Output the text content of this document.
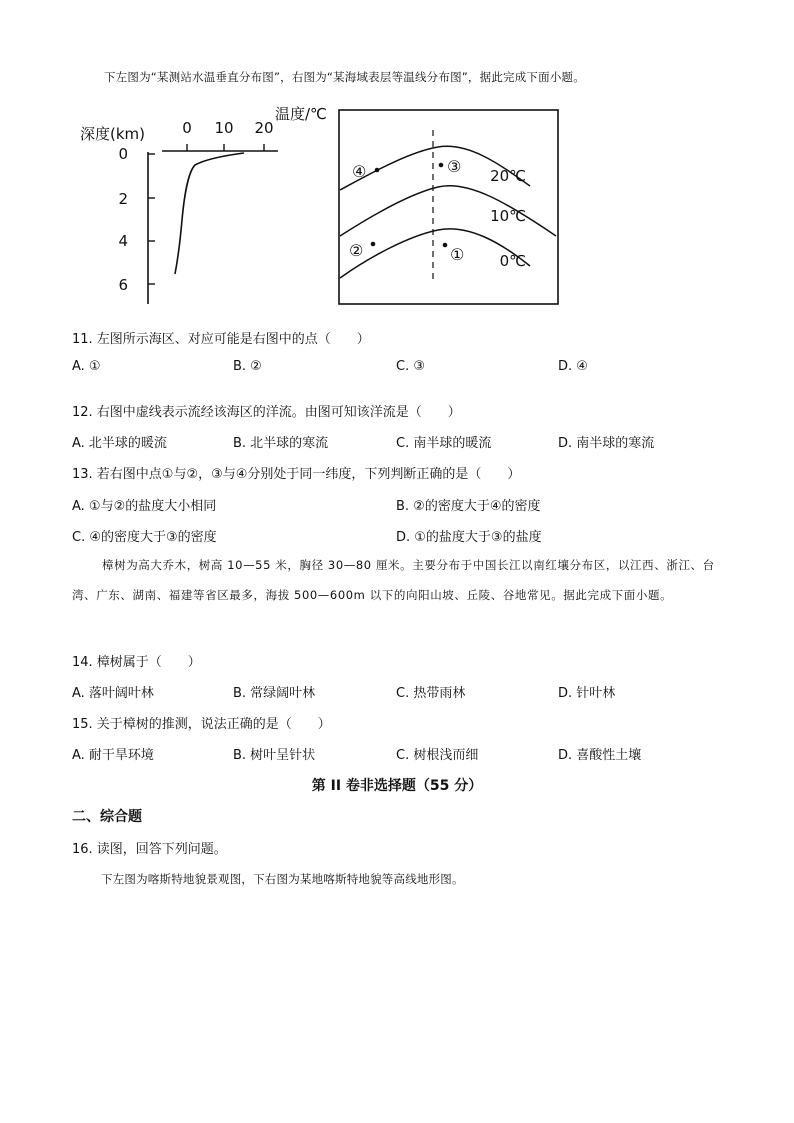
下左图为“某测站水温垂直分布图”，右图为“某海域表层等温线分布图”，据此完成下面小题。
深度(km)
温度/℃
0 10 20
0
2
4
6
20℃
10℃
0℃
④	③
②	①
11. 左图所示海区、对应可能是右图中的点（　　）
A. ①	B. ②	C. ③	D. ④
12. 右图中虚线表示流经该海区的洋流。由图可知该洋流是（　　）
A. 北半球的暖流	B. 北半球的寒流	C. 南半球的暖流	D. 南半球的寒流
13. 若右图中点①与②，③与④分别处于同一纬度，下列判断正确的是（　　）
A. ①与②的盐度大小相同	B. ②的密度大于④的密度
C. ④的密度大于③的密度	D. ①的盐度大于③的盐度
樟树为高大乔木，树高 10—55 米，胸径 30—80 厘米。主要分布于中国长江以南红壤分布区，以江西、浙江、台湾、广东、湖南、福建等省区最多，海拔 500—600m 以下的向阳山坡、丘陵、谷地常见。据此完成下面小题。
14. 樟树属于（　　）
A. 落叶阔叶林	B. 常绿阔叶林	C. 热带雨林	D. 针叶林
15. 关于樟树的推测，说法正确的是（　　）
A. 耐干旱环境	B. 树叶呈针状	C. 树根浅而细	D. 喜酸性土壤
第 II 卷非选择题（55 分）
二、综合题
16. 读图，回答下列问题。
下左图为喀斯特地貌景观图，下右图为某地喀斯特地貌等高线地形图。
